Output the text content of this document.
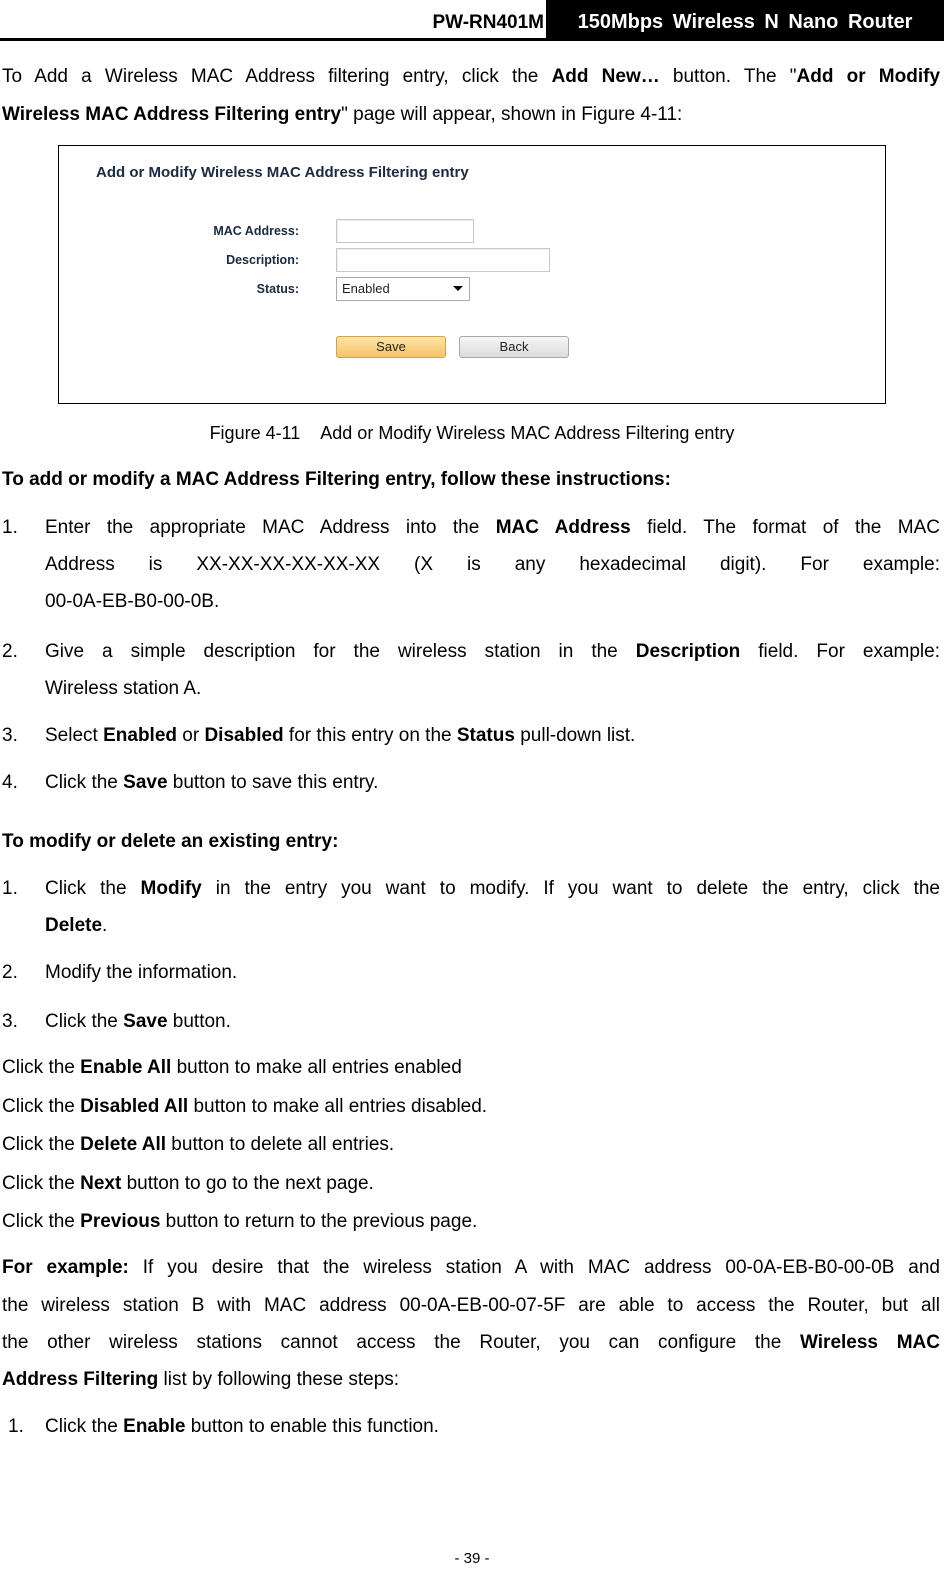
PW-RN401M	150Mbps Wireless N Nano Router
To Add a Wireless MAC Address filtering entry, click the Add New… button. The "Add or Modify
Wireless MAC Address Filtering entry" page will appear, shown in Figure 4-11:
Add or Modify Wireless MAC Address Filtering entry
MAC Address:
Description:
Status:	Enabled
Save	Back
Figure 4-11 Add or Modify Wireless MAC Address Filtering entry
To add or modify a MAC Address Filtering entry, follow these instructions:
1. Enter the appropriate MAC Address into the MAC Address field. The format of the MAC
Address is XX-XX-XX-XX-XX-XX (X is any hexadecimal digit). For example:
00-0A-EB-B0-00-0B.
2. Give a simple description for the wireless station in the Description field. For example:
Wireless station A.
3. Select Enabled or Disabled for this entry on the Status pull-down list.
4. Click the Save button to save this entry.
To modify or delete an existing entry:
1. Click the Modify in the entry you want to modify. If you want to delete the entry, click the
Delete.
2. Modify the information.
3. Click the Save button.
Click the Enable All button to make all entries enabled
Click the Disabled All button to make all entries disabled.
Click the Delete All button to delete all entries.
Click the Next button to go to the next page.
Click the Previous button to return to the previous page.
For example: If you desire that the wireless station A with MAC address 00-0A-EB-B0-00-0B and
the wireless station B with MAC address 00-0A-EB-00-07-5F are able to access the Router, but all
the other wireless stations cannot access the Router, you can configure the Wireless MAC
Address Filtering list by following these steps:
1. Click the Enable button to enable this function.
- 39 -
